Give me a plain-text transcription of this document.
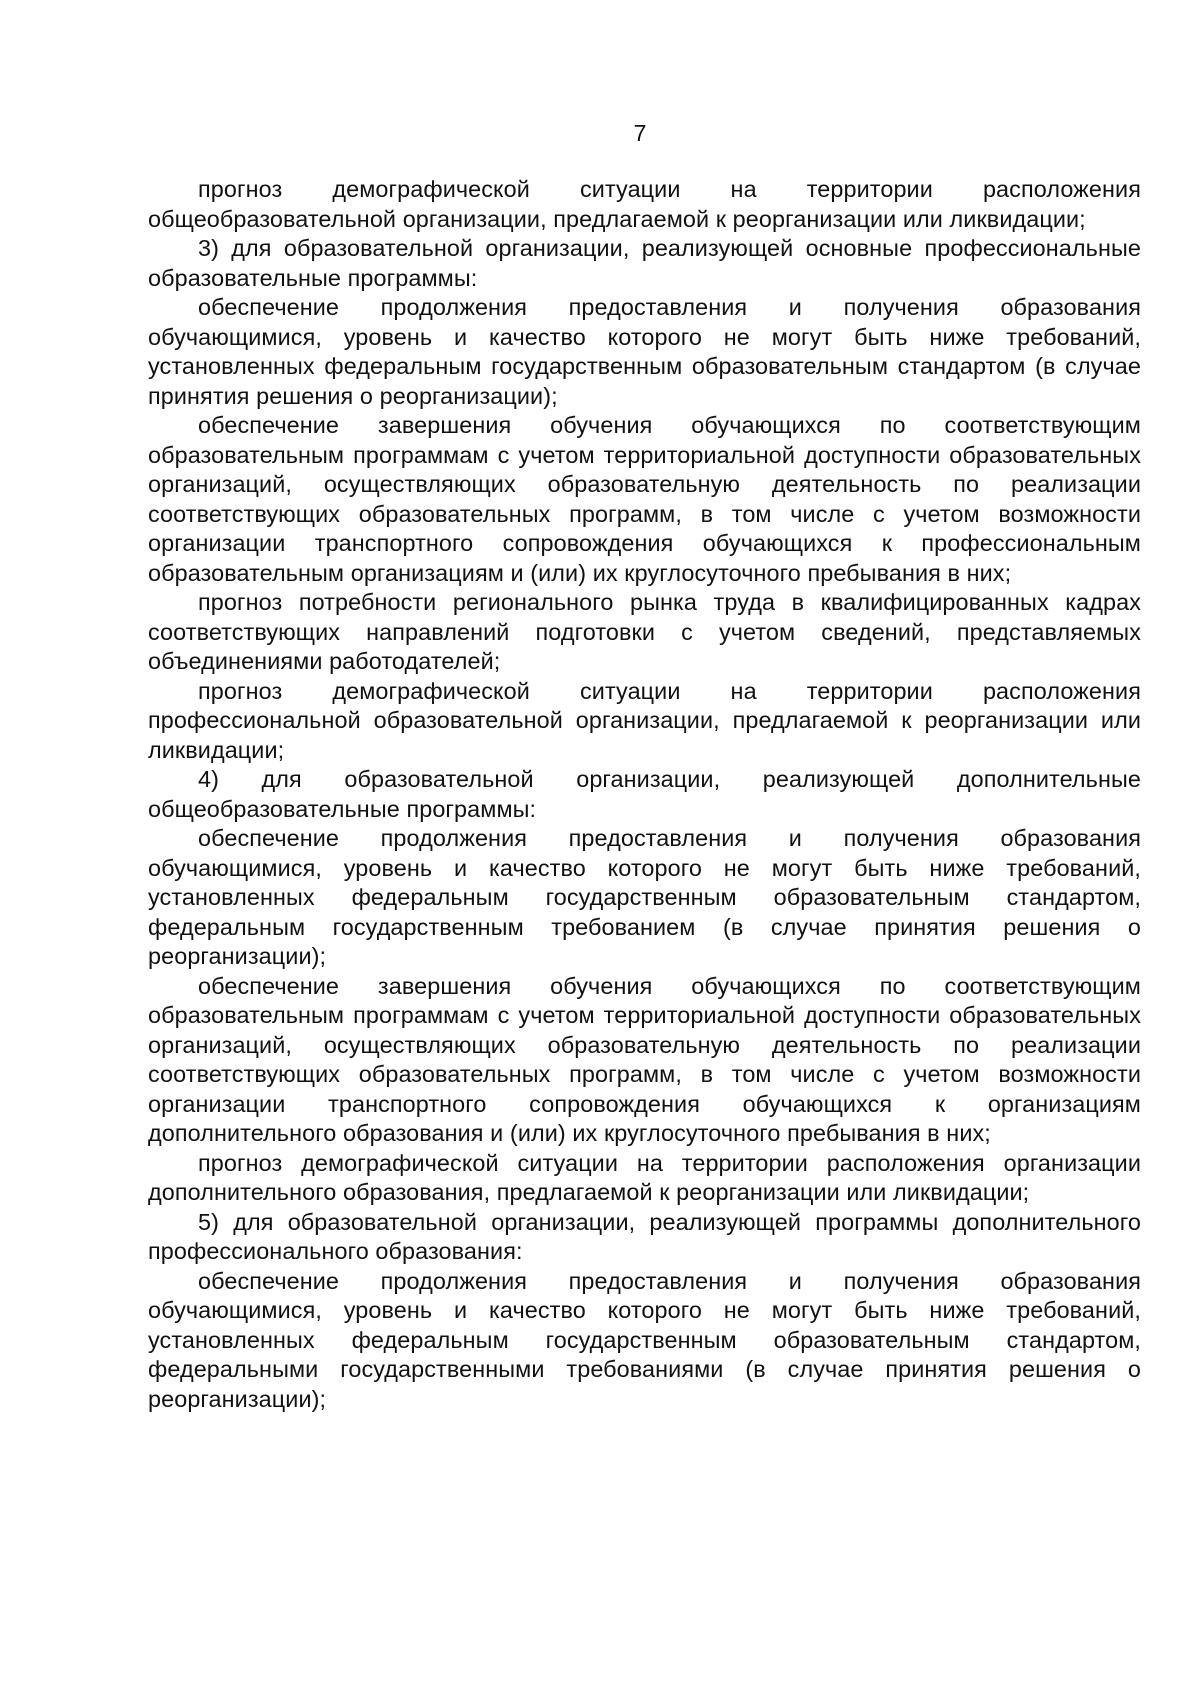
7

прогноз демографической ситуации на территории расположения общеобразовательной организации, предлагаемой к реорганизации или ликвидации;

3) для образовательной организации, реализующей основные профессиональные образовательные программы:

обеспечение продолжения предоставления и получения образования обучающимися, уровень и качество которого не могут быть ниже требований, установленных федеральным государственным образовательным стандартом (в случае принятия решения о реорганизации);

обеспечение завершения обучения обучающихся по соответствующим образовательным программам с учетом территориальной доступности образовательных организаций, осуществляющих образовательную деятельность по реализации соответствующих образовательных программ, в том числе с учетом возможности организации транспортного сопровождения обучающихся к профессиональным образовательным организациям и (или) их круглосуточного пребывания в них;

прогноз потребности регионального рынка труда в квалифицированных кадрах соответствующих направлений подготовки с учетом сведений, представляемых объединениями работодателей;

прогноз демографической ситуации на территории расположения профессиональной образовательной организации, предлагаемой к реорганизации или ликвидации;

4) для образовательной организации, реализующей дополнительные общеобразовательные программы:

обеспечение продолжения предоставления и получения образования обучающимися, уровень и качество которого не могут быть ниже требований, установленных федеральным государственным образовательным стандартом, федеральным государственным требованием (в случае принятия решения о реорганизации);

обеспечение завершения обучения обучающихся по соответствующим образовательным программам с учетом территориальной доступности образовательных организаций, осуществляющих образовательную деятельность по реализации соответствующих образовательных программ, в том числе с учетом возможности организации транспортного сопровождения обучающихся к организациям дополнительного образования и (или) их круглосуточного пребывания в них;

прогноз демографической ситуации на территории расположения организации дополнительного образования, предлагаемой к реорганизации или ликвидации;

5) для образовательной организации, реализующей программы дополнительного профессионального образования:

обеспечение продолжения предоставления и получения образования обучающимися, уровень и качество которого не могут быть ниже требований, установленных федеральным государственным образовательным стандартом, федеральными государственными требованиями (в случае принятия решения о реорганизации);
